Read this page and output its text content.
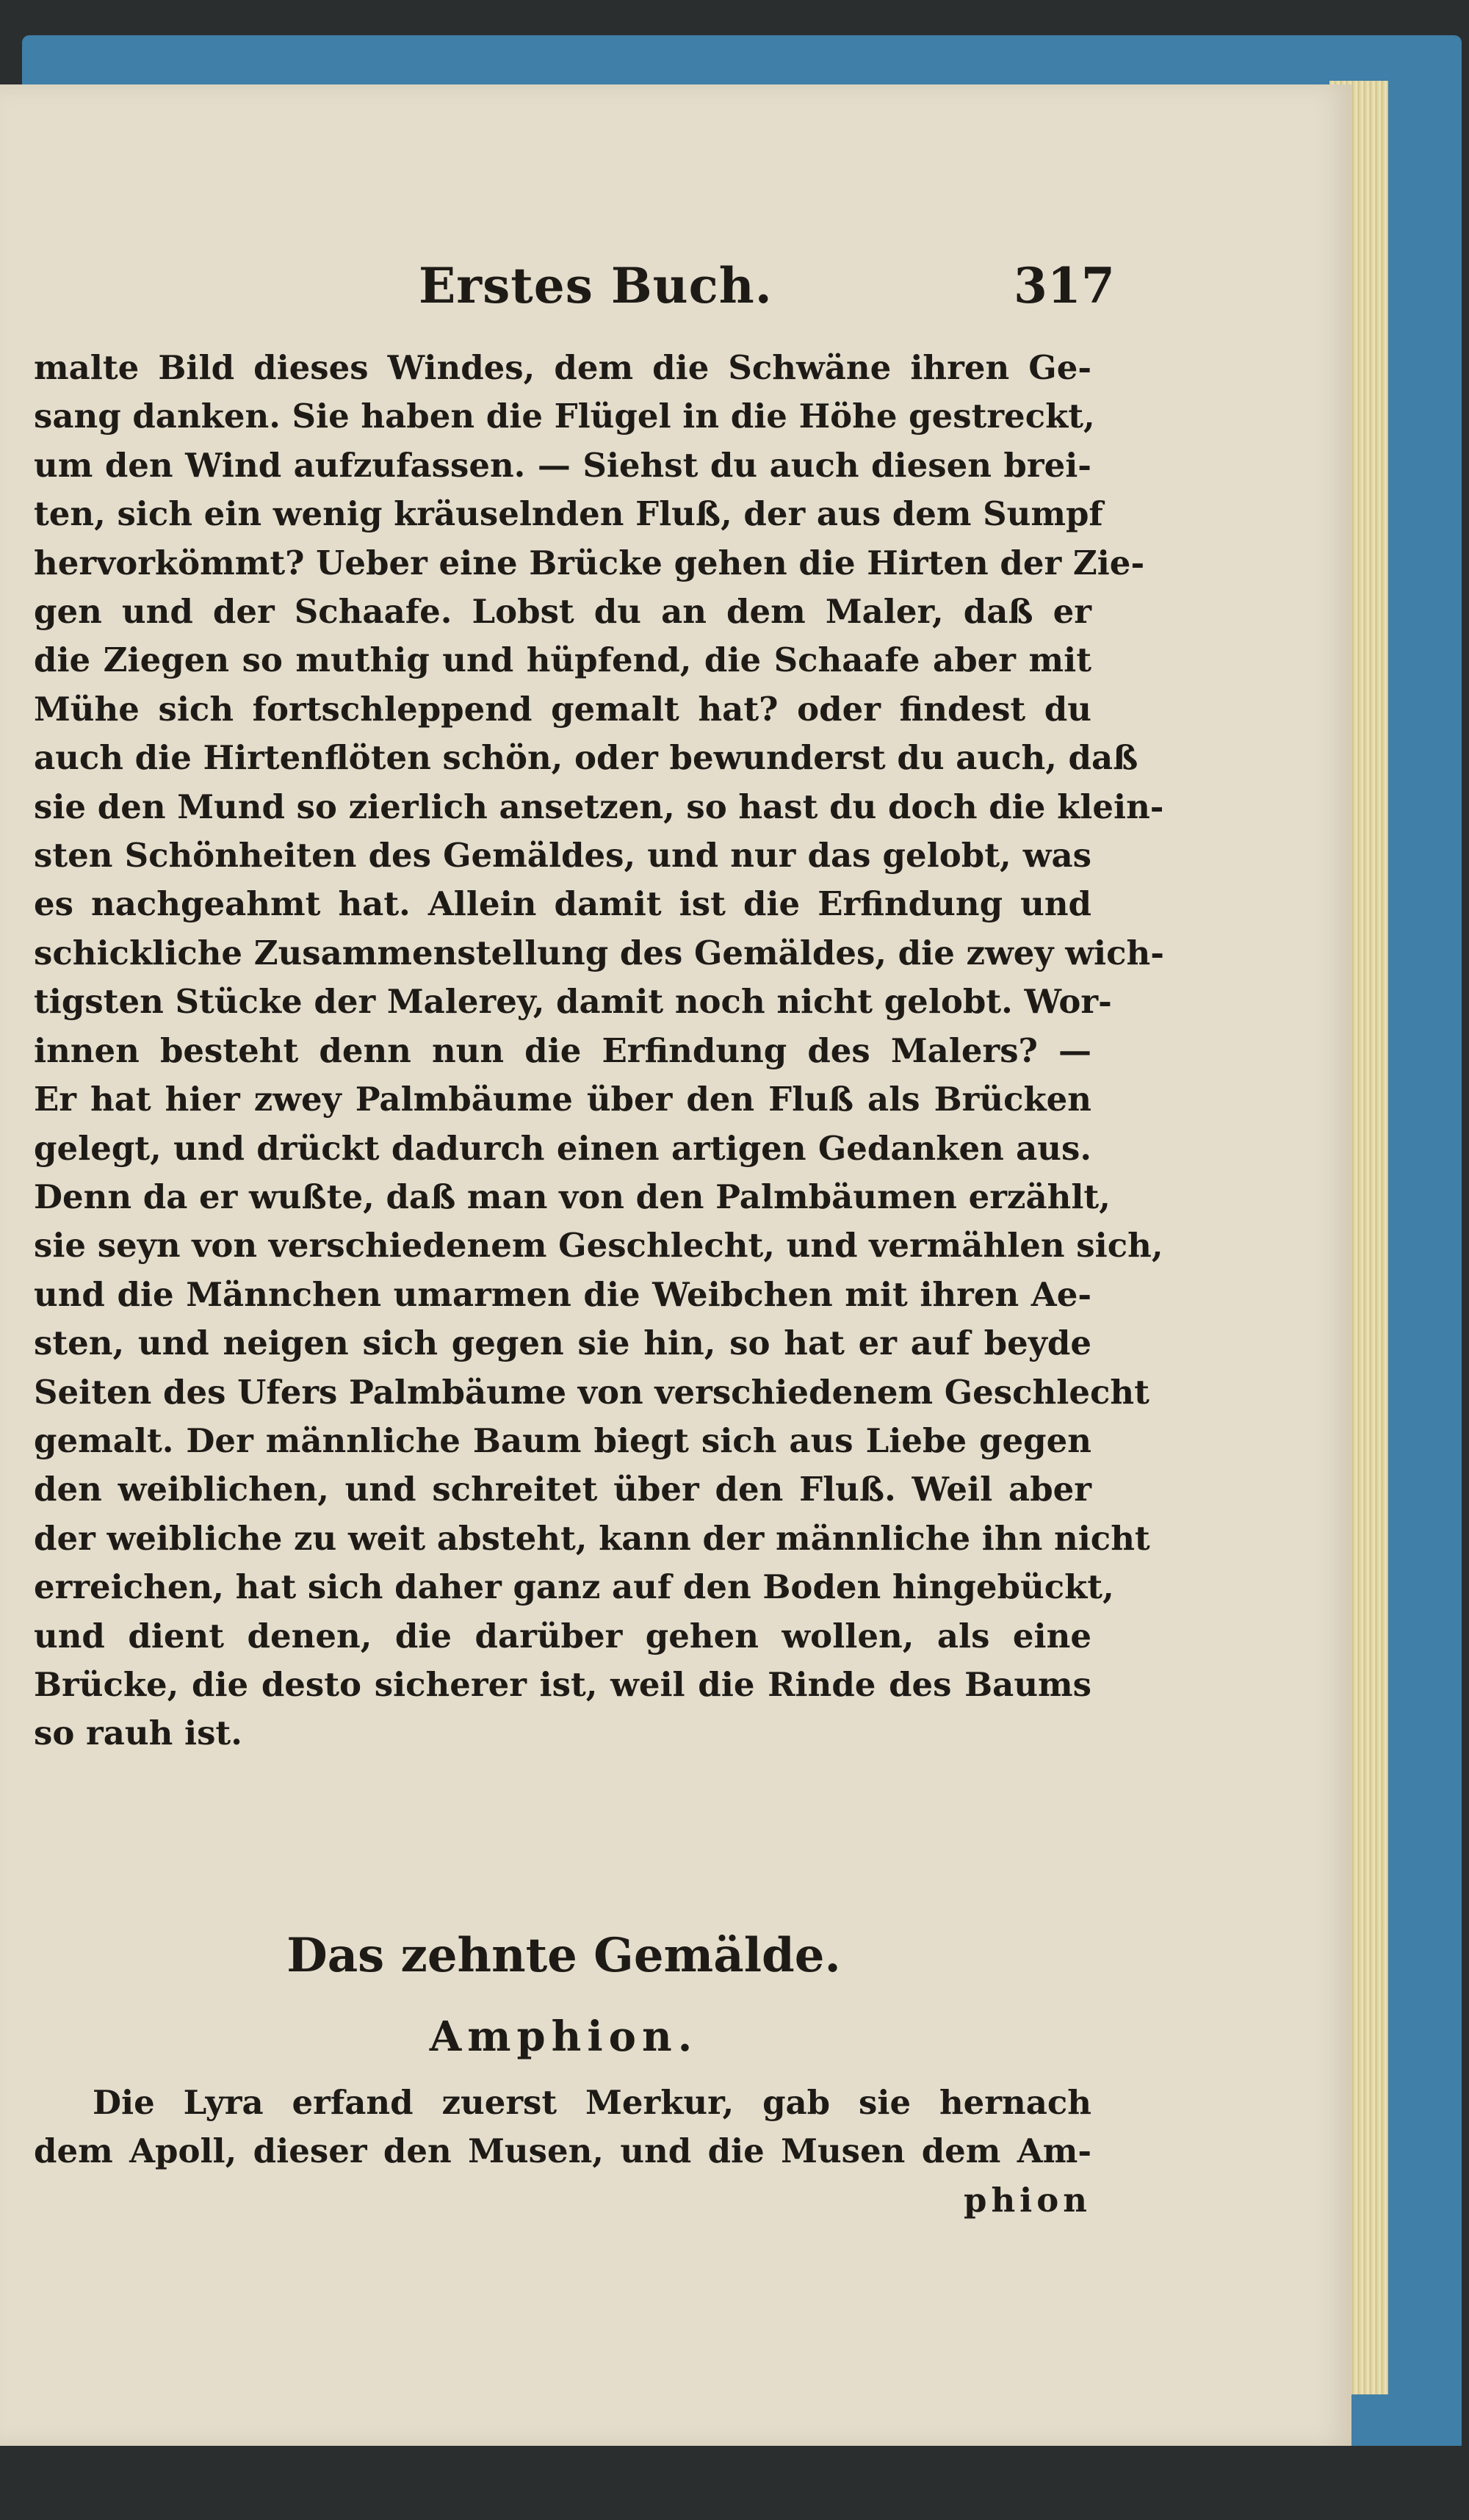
Erstes Buch.	317
malte Bild dieses Windes, dem die Schwäne ihren Ge-
sang danken. Sie haben die Flügel in die Höhe gestreckt,
um den Wind aufzufassen. — Siehst du auch diesen brei-
ten, sich ein wenig kräuselnden Fluß, der aus dem Sumpf
hervorkömmt? Ueber eine Brücke gehen die Hirten der Zie-
gen und der Schaafe. Lobst du an dem Maler, daß er
die Ziegen so muthig und hüpfend, die Schaafe aber mit
Mühe sich fortschleppend gemalt hat? oder findest du
auch die Hirtenflöten schön, oder bewunderst du auch, daß
sie den Mund so zierlich ansetzen, so hast du doch die klein-
sten Schönheiten des Gemäldes, und nur das gelobt, was
es nachgeahmt hat. Allein damit ist die Erfindung und
schickliche Zusammenstellung des Gemäldes, die zwey wich-
tigsten Stücke der Malerey, damit noch nicht gelobt. Wor-
innen besteht denn nun die Erfindung des Malers? —
Er hat hier zwey Palmbäume über den Fluß als Brücken
gelegt, und drückt dadurch einen artigen Gedanken aus.
Denn da er wußte, daß man von den Palmbäumen erzählt,
sie seyn von verschiedenem Geschlecht, und vermählen sich,
und die Männchen umarmen die Weibchen mit ihren Ae-
sten, und neigen sich gegen sie hin, so hat er auf beyde
Seiten des Ufers Palmbäume von verschiedenem Geschlecht
gemalt. Der männliche Baum biegt sich aus Liebe gegen
den weiblichen, und schreitet über den Fluß. Weil aber
der weibliche zu weit absteht, kann der männliche ihn nicht
erreichen, hat sich daher ganz auf den Boden hingebückt,
und dient denen, die darüber gehen wollen, als eine
Brücke, die desto sicherer ist, weil die Rinde des Baums
so rauh ist.
Das zehnte Gemälde.
Amphion.
Die Lyra erfand zuerst Merkur, gab sie hernach
dem Apoll, dieser den Musen, und die Musen dem Am-
phion
